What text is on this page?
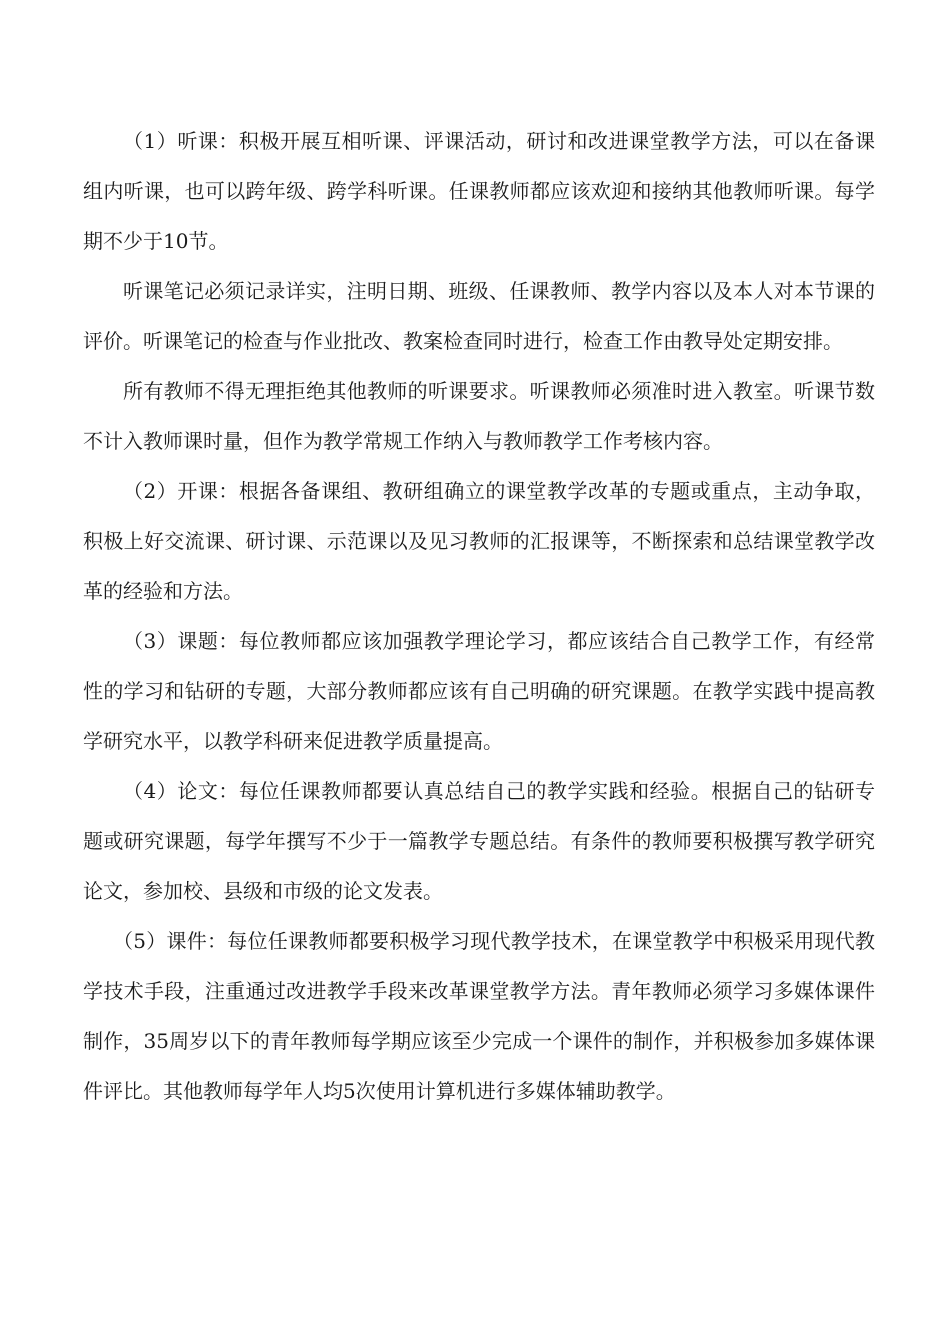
（1）听课：积极开展互相听课、评课活动，研讨和改进课堂教学方法，可以在备课组内听课，也可以跨年级、跨学科听课。任课教师都应该欢迎和接纳其他教师听课。每学期不少于10节。

听课笔记必须记录详实，注明日期、班级、任课教师、教学内容以及本人对本节课的评价。听课笔记的检查与作业批改、教案检查同时进行，检查工作由教导处定期安排。

所有教师不得无理拒绝其他教师的听课要求。听课教师必须准时进入教室。听课节数不计入教师课时量，但作为教学常规工作纳入与教师教学工作考核内容。

（2）开课：根据各备课组、教研组确立的课堂教学改革的专题或重点，主动争取，积极上好交流课、研讨课、示范课以及见习教师的汇报课等，不断探索和总结课堂教学改革的经验和方法。

（3）课题：每位教师都应该加强教学理论学习，都应该结合自己教学工作，有经常性的学习和钻研的专题，大部分教师都应该有自己明确的研究课题。在教学实践中提高教学研究水平，以教学科研来促进教学质量提高。

（4）论文：每位任课教师都要认真总结自己的教学实践和经验。根据自己的钻研专题或研究课题，每学年撰写不少于一篇教学专题总结。有条件的教师要积极撰写教学研究论文，参加校、县级和市级的论文发表。

（5）课件：每位任课教师都要积极学习现代教学技术，在课堂教学中积极采用现代教学技术手段，注重通过改进教学手段来改革课堂教学方法。青年教师必须学习多媒体课件制作，35周岁以下的青年教师每学期应该至少完成一个课件的制作，并积极参加多媒体课件评比。其他教师每学年人均5次使用计算机进行多媒体辅助教学。
